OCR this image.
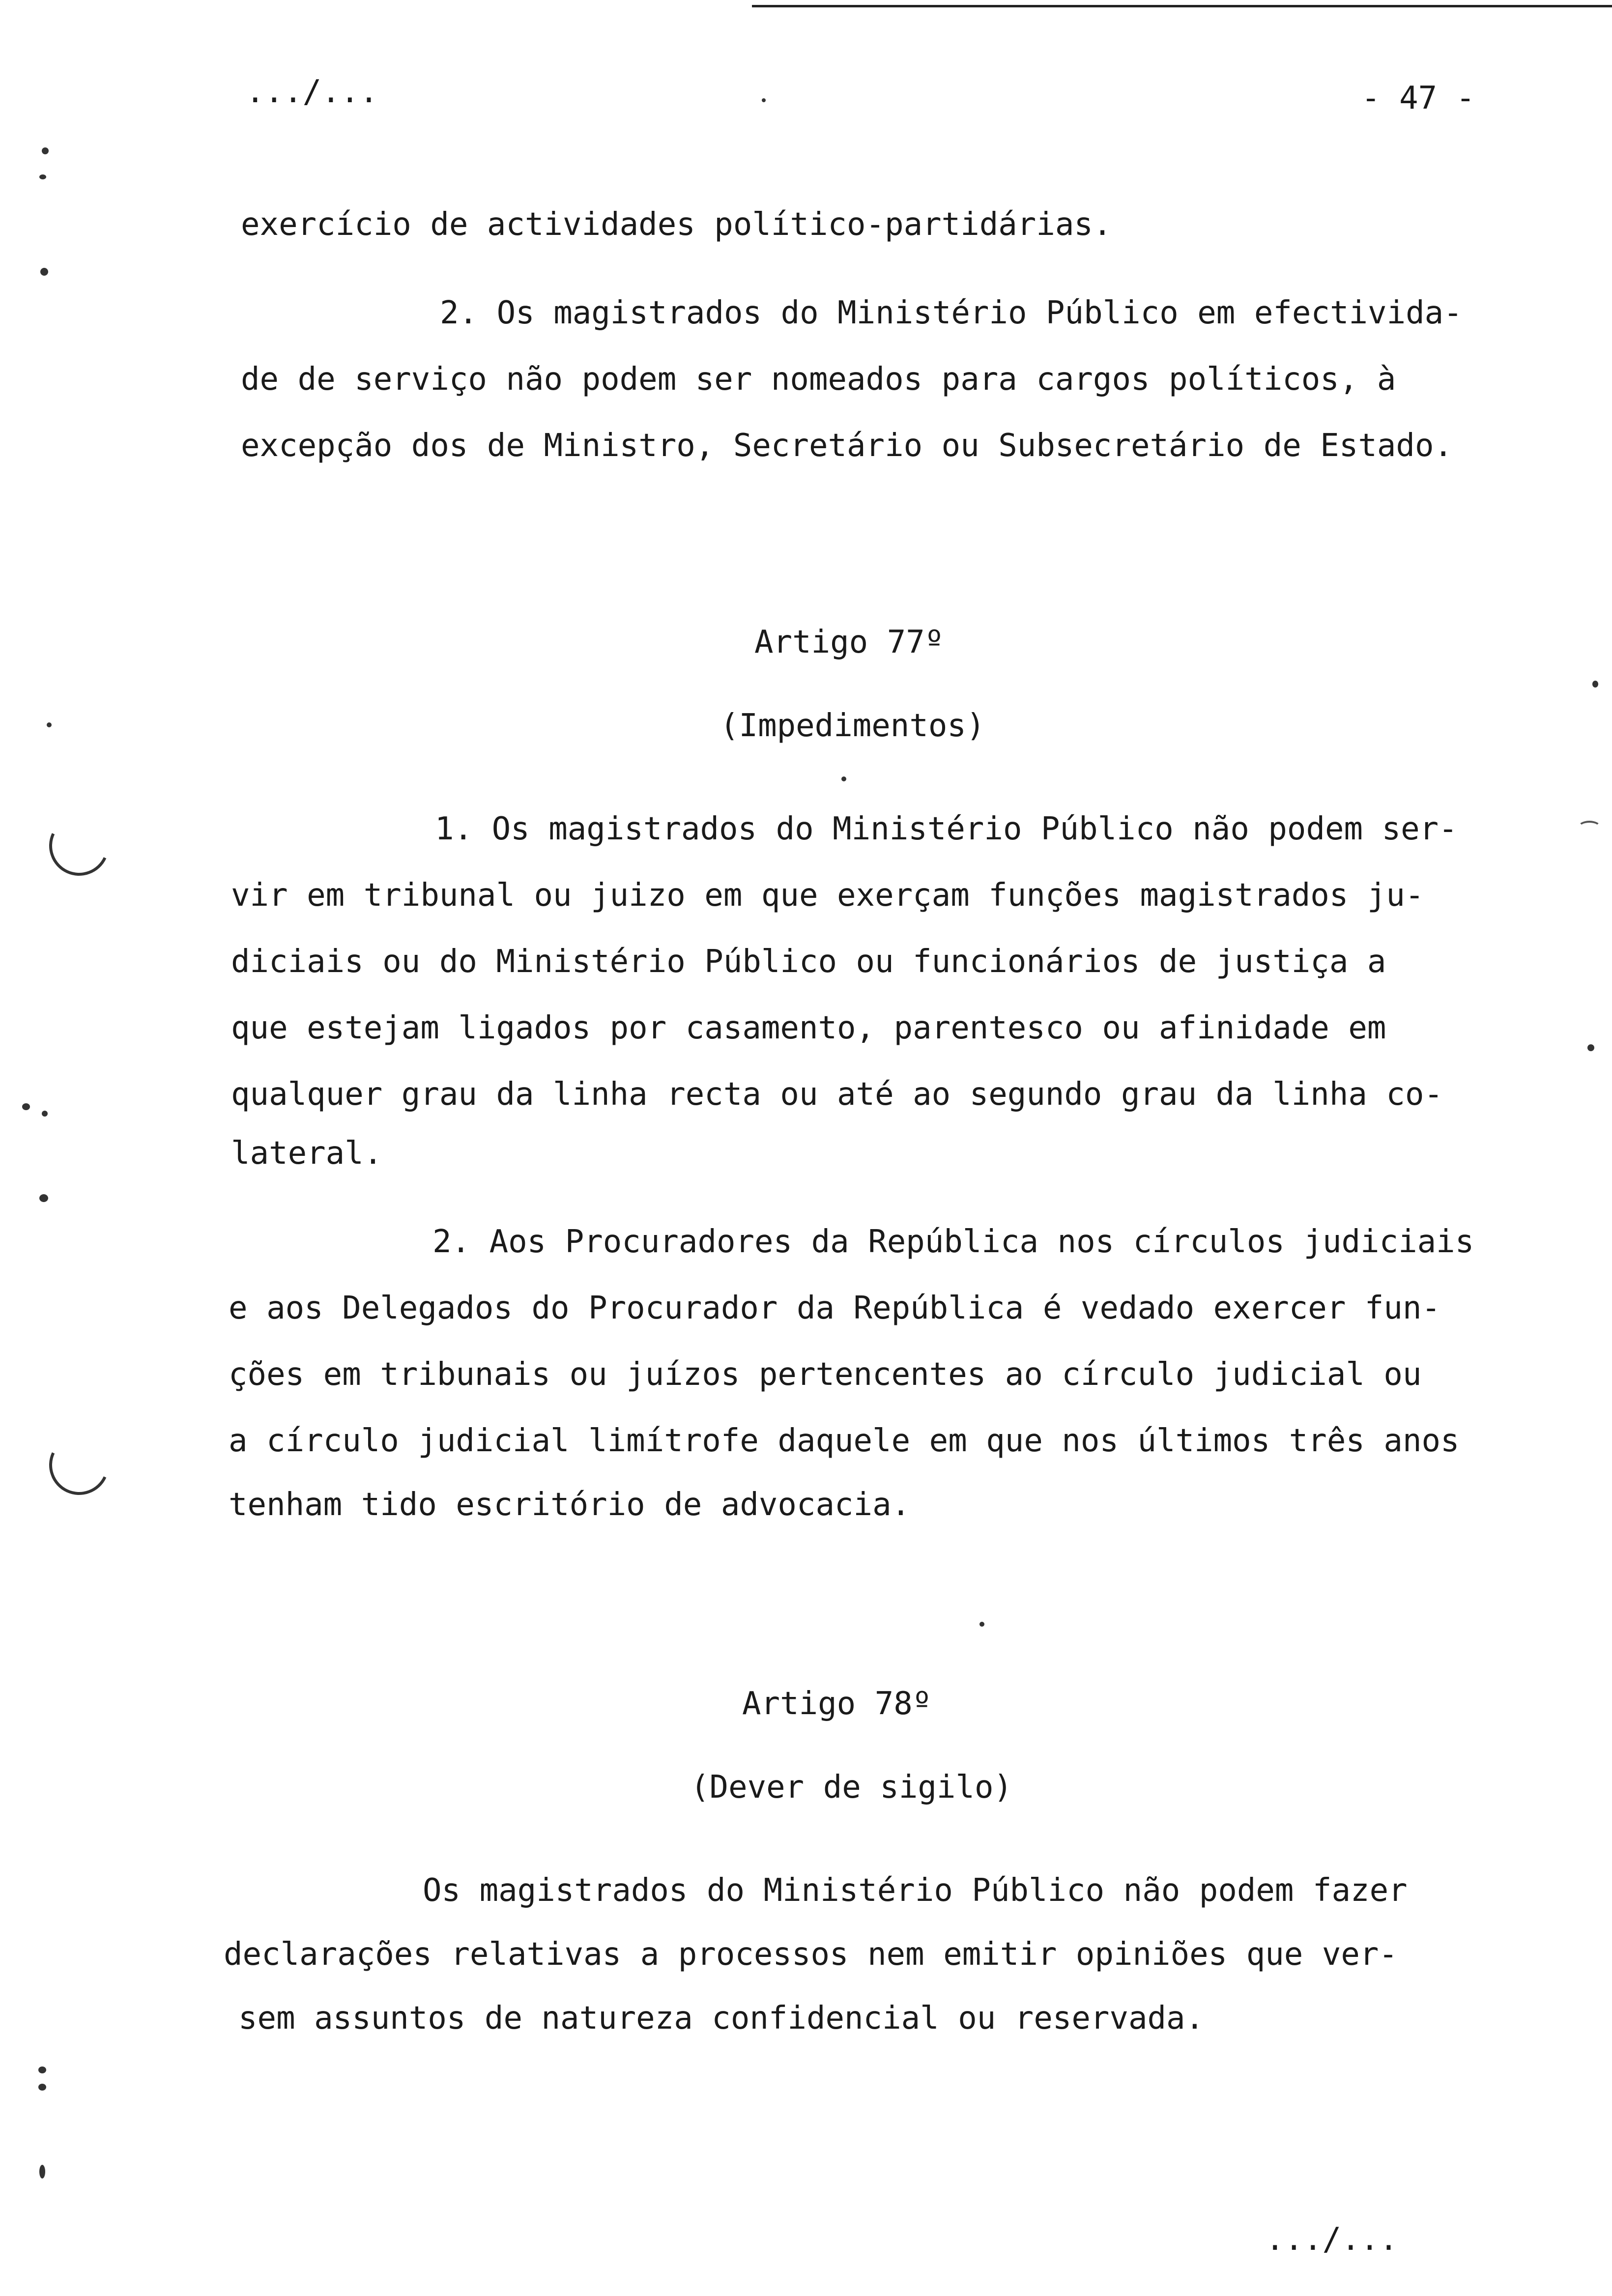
.../...	- 47 -
exercício de actividades político-partidárias.
2. Os magistrados do Ministério Público em efectivida-
de de serviço não podem ser nomeados para cargos políticos, à
excepção dos de Ministro, Secretário ou Subsecretário de Estado.
Artigo 77º
(Impedimentos)
1. Os magistrados do Ministério Público não podem ser-
vir em tribunal ou juizo em que exerçam funções magistrados ju-
diciais ou do Ministério Público ou funcionários de justiça a
que estejam ligados por casamento, parentesco ou afinidade em
qualquer grau da linha recta ou até ao segundo grau da linha co-
lateral.
2. Aos Procuradores da República nos círculos judiciais
e aos Delegados do Procurador da República é vedado exercer fun-
ções em tribunais ou juízos pertencentes ao círculo judicial ou
a círculo judicial limítrofe daquele em que nos últimos três anos
tenham tido escritório de advocacia.
Artigo 78º
(Dever de sigilo)
Os magistrados do Ministério Público não podem fazer
declarações relativas a processos nem emitir opiniões que ver-
sem assuntos de natureza confidencial ou reservada.
.../...
